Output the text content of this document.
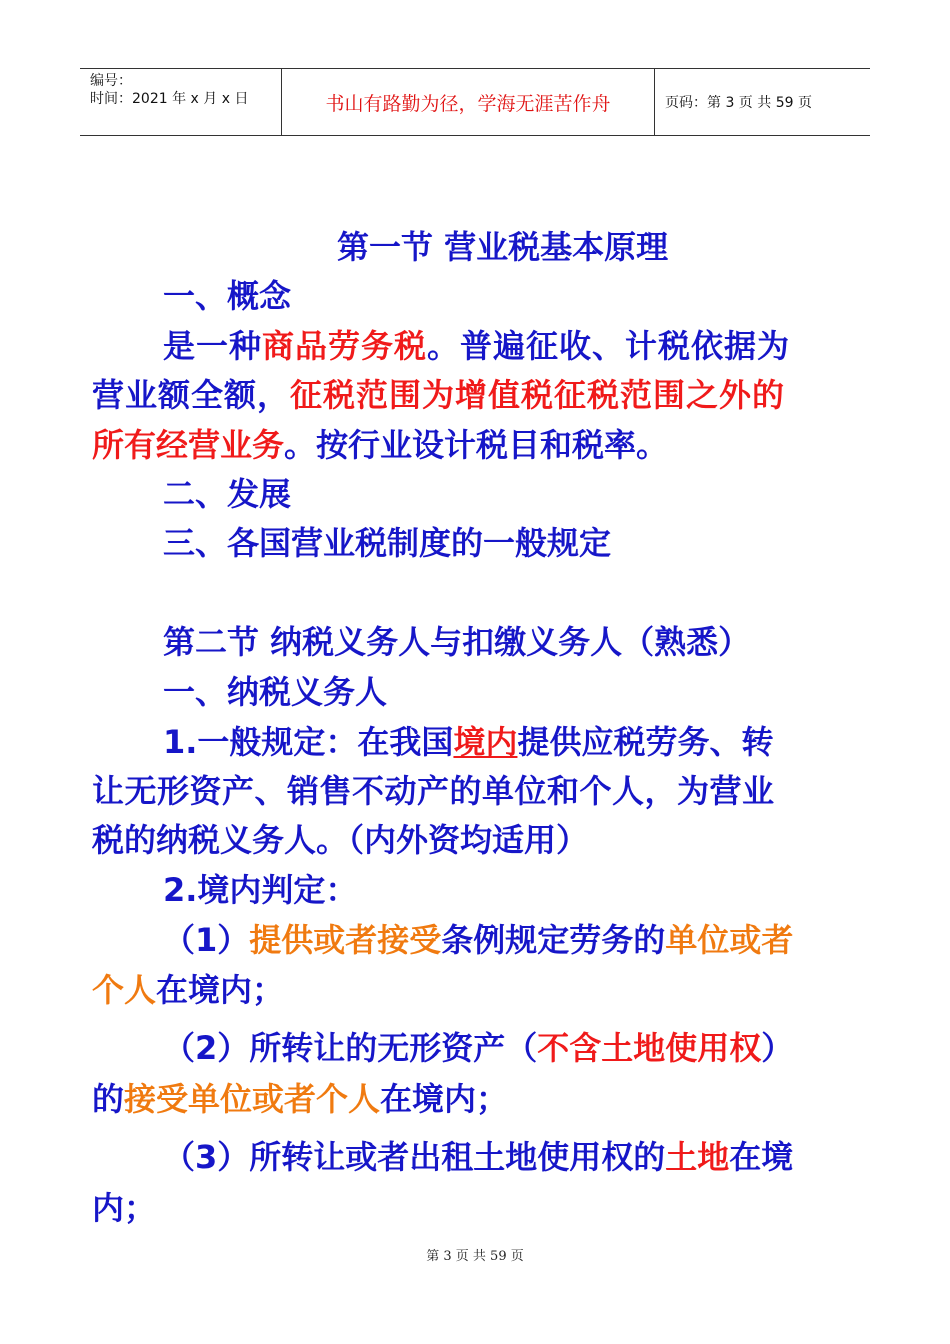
编号：
时间：2021 年 x 月 x 日	书山有路勤为径，学海无涯苦作舟	页码：第 3 页 共 59 页
第一节 营业税基本原理
一、概念
是一种商品劳务税。普遍征收、计税依据为
营业额全额，征税范围为增值税征税范围之外的
所有经营业务。按行业设计税目和税率。
二、发展
三、各国营业税制度的一般规定
第二节 纳税义务人与扣缴义务人（熟悉）
一、纳税义务人
1.一般规定：在我国境内提供应税劳务、转
让无形资产、销售不动产的单位和个人，为营业
税的纳税义务人。（内外资均适用）
2.境内判定：
（1）提供或者接受条例规定劳务的单位或者
个人在境内；
（2）所转让的无形资产（不含土地使用权）
的接受单位或者个人在境内；
（3）所转让或者出租土地使用权的土地在境
内；
第 3 页 共 59 页
